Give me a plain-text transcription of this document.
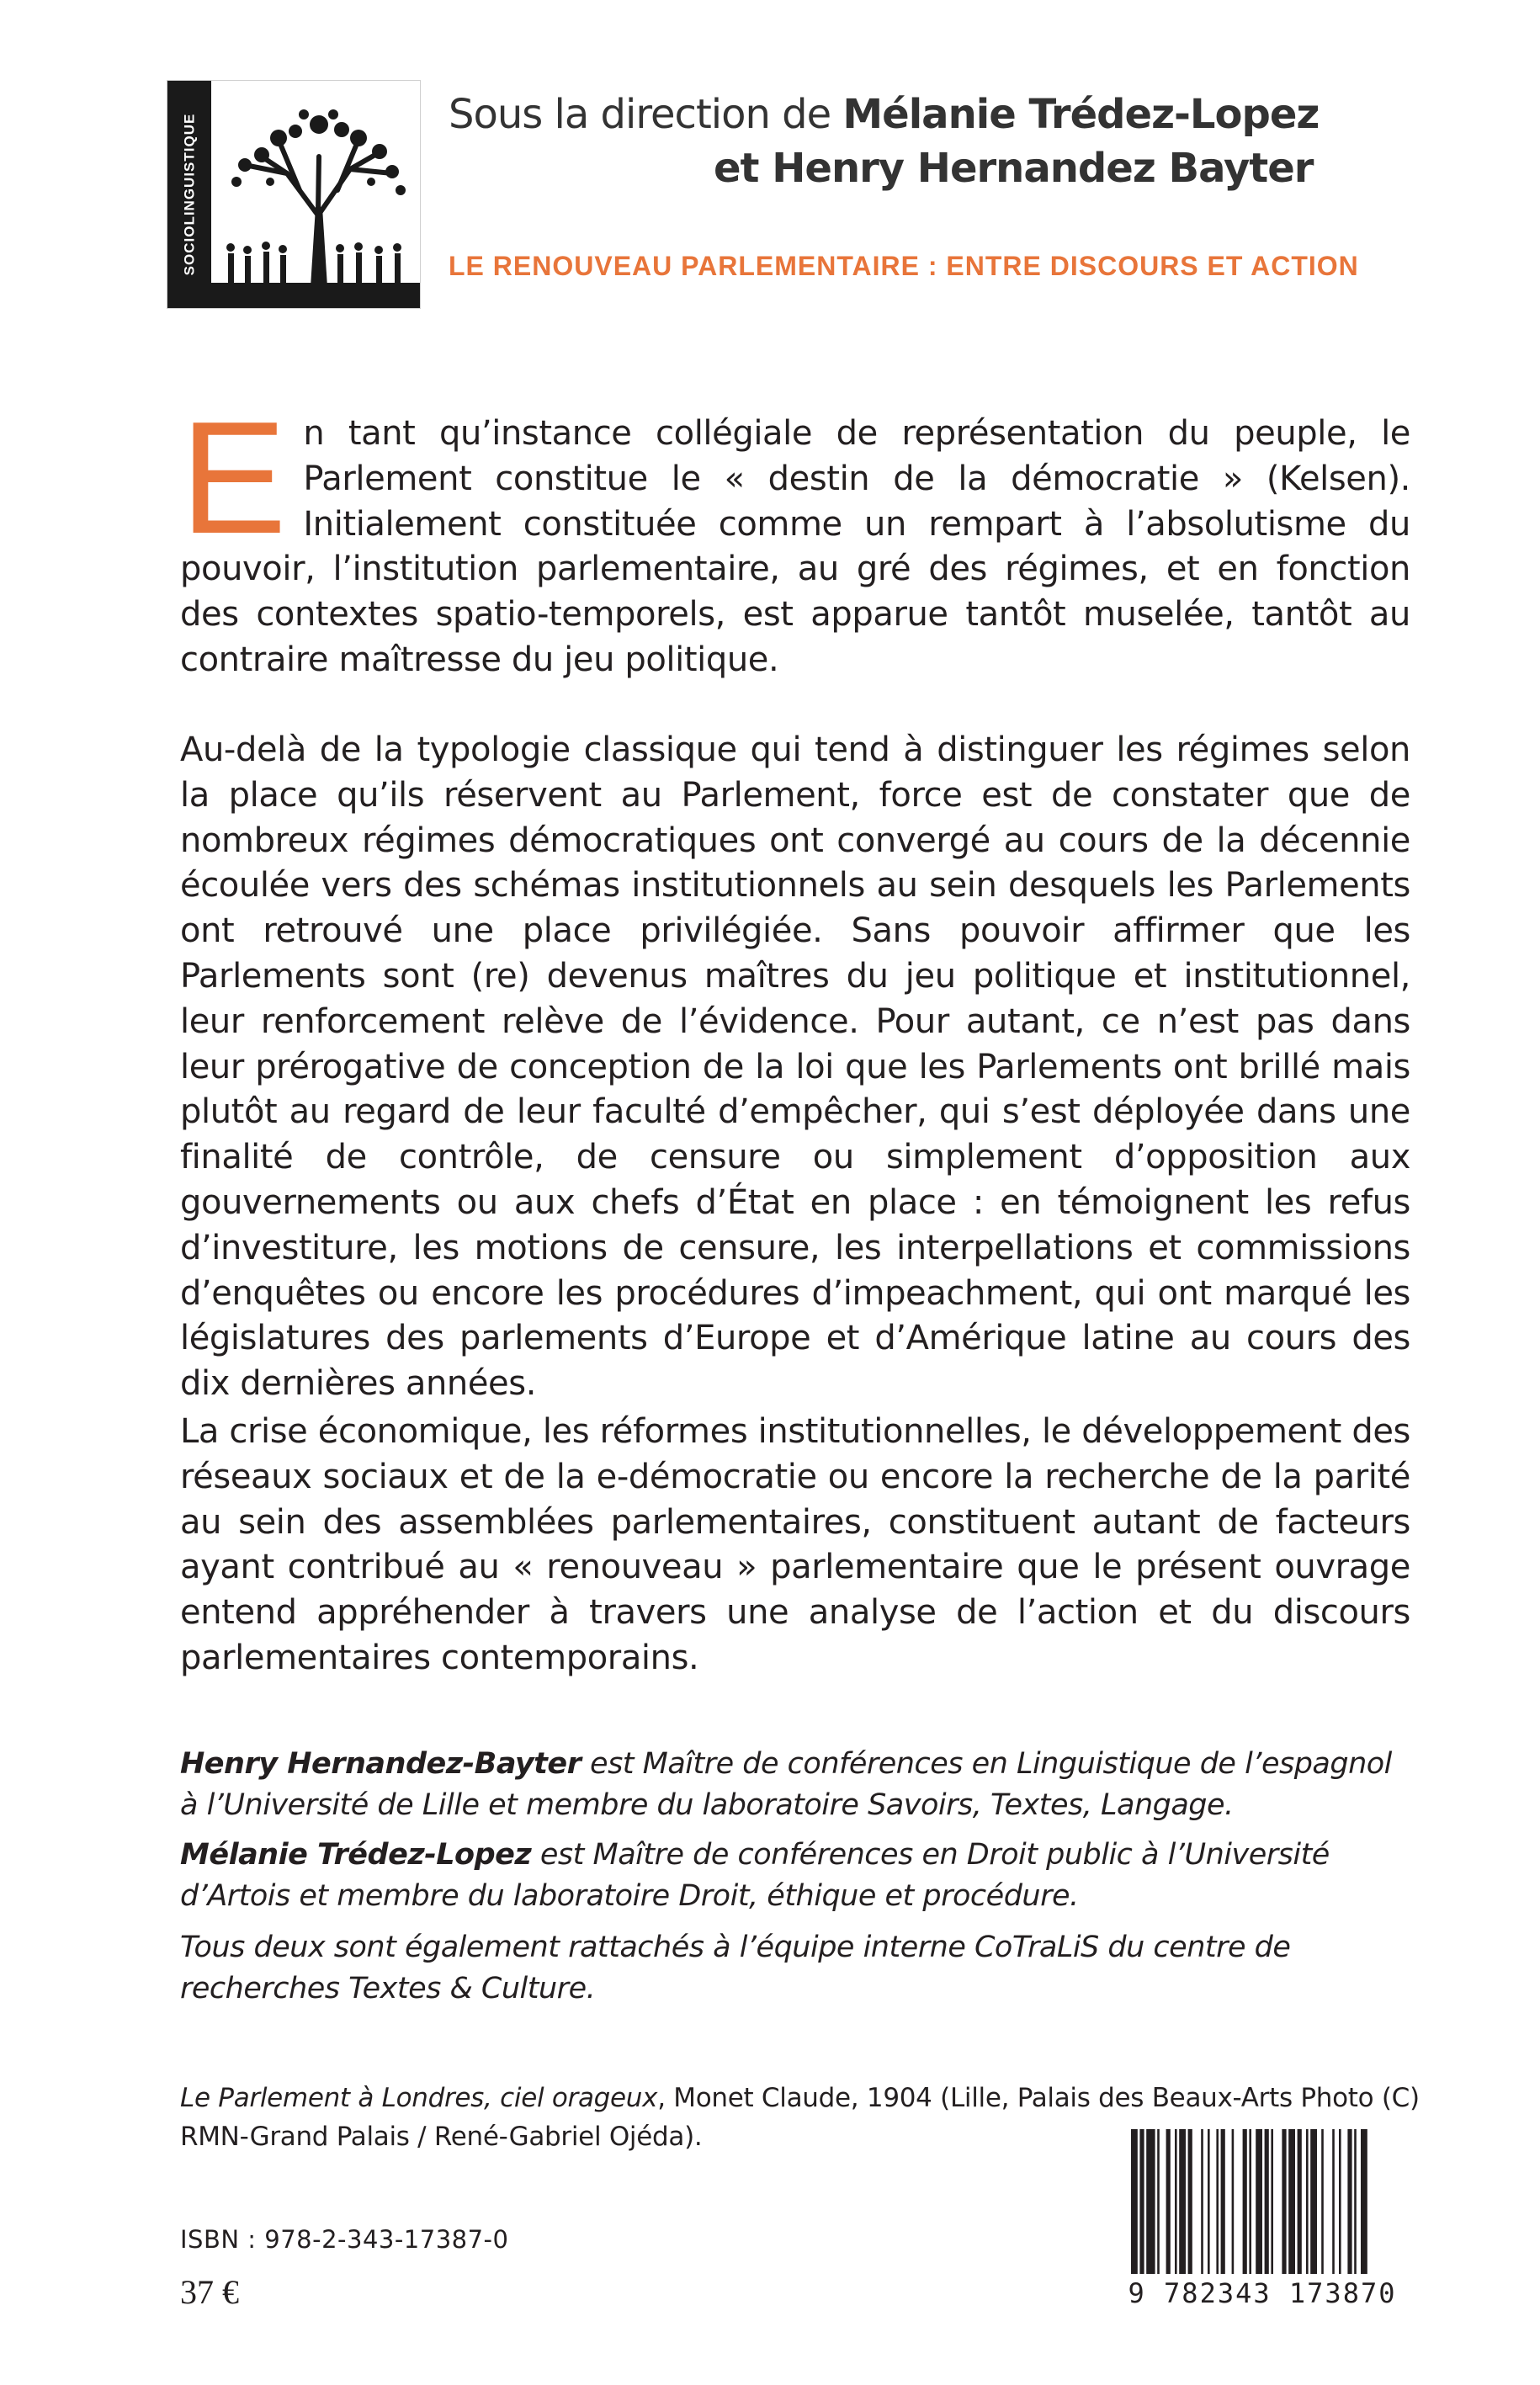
SOCIOLINGUISTIQUE	Sous la direction de Mélanie Trédez-Lopez
et Henry Hernandez Bayter
LE RENOUVEAU PARLEMENTAIRE : ENTRE DISCOURS ET ACTION
En tant qu’instance collégiale de représentation du peuple, le Parlement constitue le « destin de la démocratie » (Kelsen). Initialement constituée comme un rempart à l’absolutisme du pouvoir, l’institution parlementaire, au gré des régimes, et en fonction des contextes spatio-temporels, est apparue tantôt muselée, tantôt au contraire maîtresse du jeu politique.
Au-delà de la typologie classique qui tend à distinguer les régimes selon la place qu’ils réservent au Parlement, force est de constater que de nombreux régimes démocratiques ont convergé au cours de la décennie écoulée vers des schémas institutionnels au sein desquels les Parlements ont retrouvé une place privilégiée. Sans pouvoir affirmer que les Parlements sont (re) devenus maîtres du jeu politique et institutionnel, leur renforcement relève de l’évidence. Pour autant, ce n’est pas dans leur prérogative de conception de la loi que les Parlements ont brillé mais plutôt au regard de leur faculté d’empêcher, qui s’est déployée dans une finalité de contrôle, de censure ou simplement d’opposition aux gouvernements ou aux chefs d’État en place : en témoignent les refus d’investiture, les motions de censure, les interpellations et commissions d’enquêtes ou encore les procédures d’impeachment, qui ont marqué les législatures des parlements d’Europe et d’Amérique latine au cours des dix dernières années.
La crise économique, les réformes institutionnelles, le développement des réseaux sociaux et de la e-démocratie ou encore la recherche de la parité au sein des assemblées parlementaires, constituent autant de facteurs ayant contribué au « renouveau » parlementaire que le présent ouvrage entend appréhender à travers une analyse de l’action et du discours parlementaires contemporains.
Henry Hernandez-Bayter est Maître de conférences en Linguistique de l’espagnol à l’Université de Lille et membre du laboratoire Savoirs, Textes, Langage.
Mélanie Trédez-Lopez est Maître de conférences en Droit public à l’Université d’Artois et membre du laboratoire Droit, éthique et procédure.
Tous deux sont également rattachés à l’équipe interne CoTraLiS du centre de recherches Textes & Culture.
Le Parlement à Londres, ciel orageux, Monet Claude, 1904 (Lille, Palais des Beaux-Arts Photo (C) RMN-Grand Palais / René-Gabriel Ojéda).
ISBN : 978-2-343-17387-0
37 €	9 782343 173870
